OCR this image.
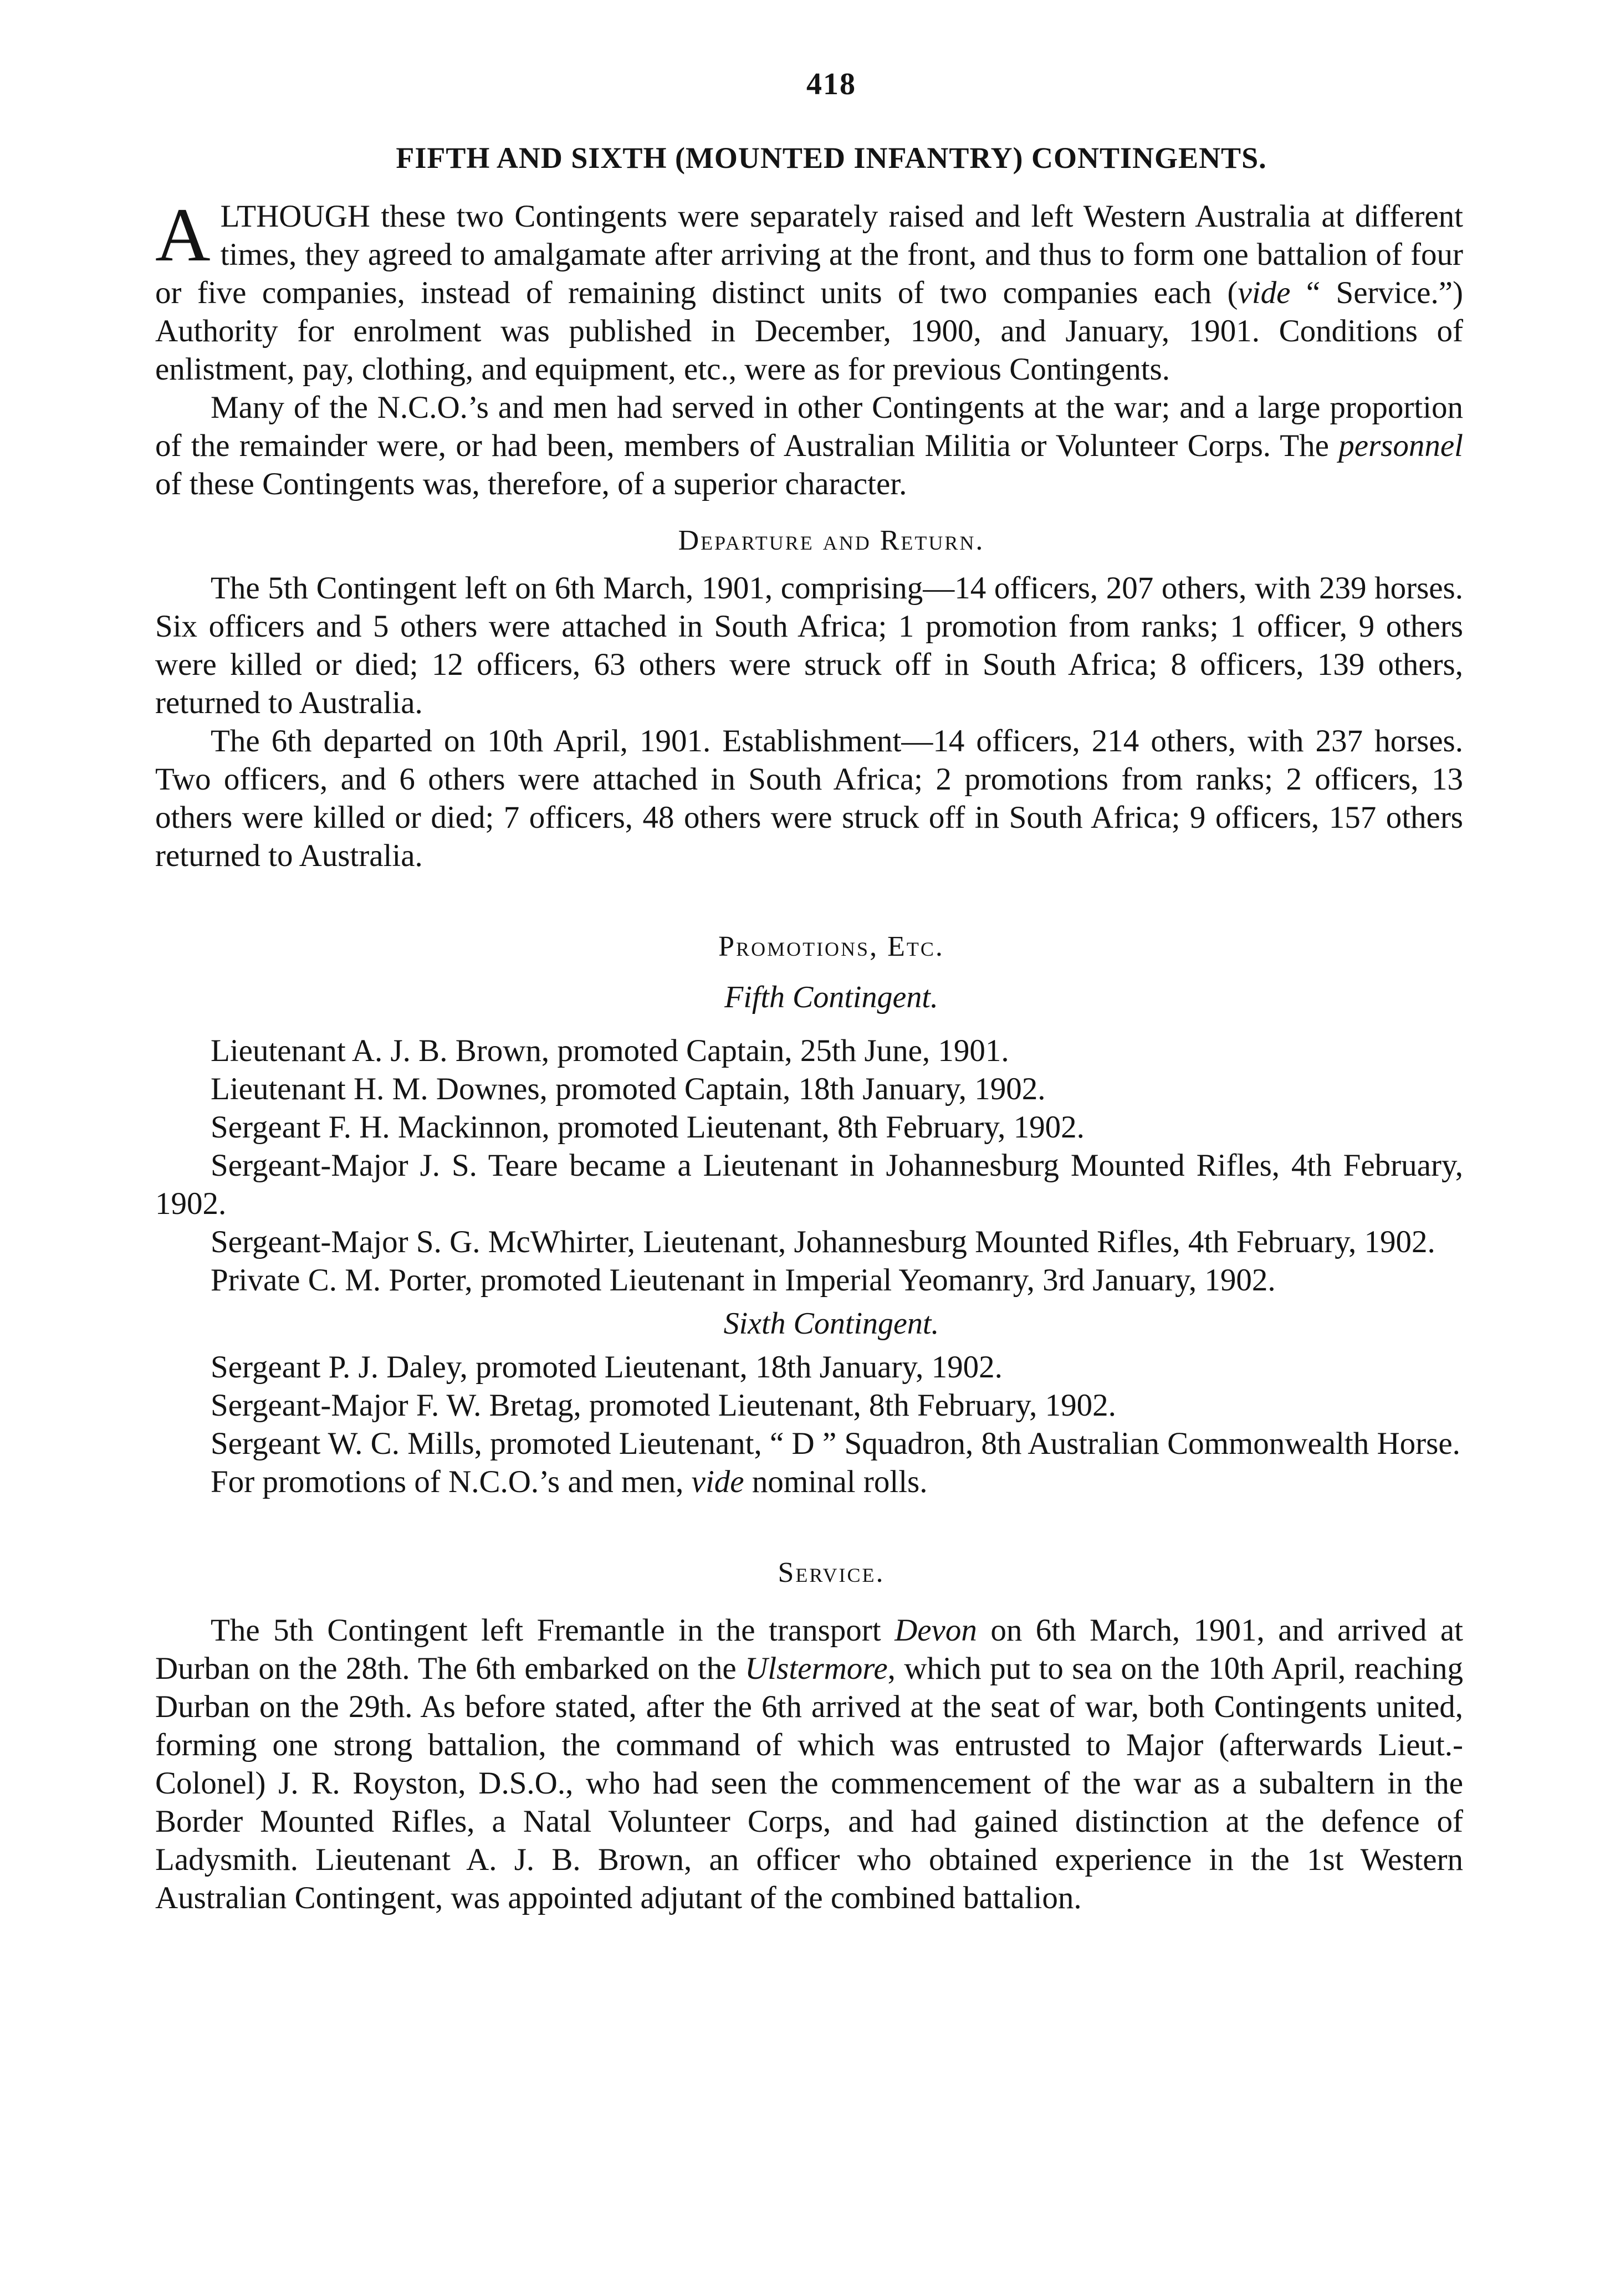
418
FIFTH AND SIXTH (MOUNTED INFANTRY) CONTINGENTS.

ALTHOUGH these two Contingents were separately raised and left Western Australia at different times, they agreed to amalgamate after arriving at the front, and thus to form one battalion of four or five companies, instead of remaining distinct units of two companies each (vide “ Service.”) Authority for enrolment was published in December, 1900, and January, 1901. Conditions of enlistment, pay, clothing, and equipment, etc., were as for previous Contingents.

Many of the N.C.O.’s and men had served in other Contingents at the war; and a large proportion of the remainder were, or had been, members of Australian Militia or Volunteer Corps. The personnel of these Contingents was, therefore, of a superior character.

Departure and Return.

The 5th Contingent left on 6th March, 1901, comprising—14 officers, 207 others, with 239 horses. Six officers and 5 others were attached in South Africa; 1 promotion from ranks; 1 officer, 9 others were killed or died; 12 officers, 63 others were struck off in South Africa; 8 officers, 139 others, returned to Australia.

The 6th departed on 10th April, 1901. Establishment—14 officers, 214 others, with 237 horses. Two officers, and 6 others were attached in South Africa; 2 promotions from ranks; 2 officers, 13 others were killed or died; 7 officers, 48 others were struck off in South Africa; 9 officers, 157 others returned to Australia.

Promotions, Etc.
Fifth Contingent.

Lieutenant A. J. B. Brown, promoted Captain, 25th June, 1901.

Lieutenant H. M. Downes, promoted Captain, 18th January, 1902.

Sergeant F. H. Mackinnon, promoted Lieutenant, 8th February, 1902.

Sergeant-Major J. S. Teare became a Lieutenant in Johannesburg Mounted Rifles, 4th February, 1902.

Sergeant-Major S. G. McWhirter, Lieutenant, Johannesburg Mounted Rifles, 4th February, 1902.

Private C. M. Porter, promoted Lieutenant in Imperial Yeomanry, 3rd January, 1902.

Sixth Contingent.

Sergeant P. J. Daley, promoted Lieutenant, 18th January, 1902.

Sergeant-Major F. W. Bretag, promoted Lieutenant, 8th February, 1902.

Sergeant W. C. Mills, promoted Lieutenant, “ D ” Squadron, 8th Australian Commonwealth Horse.

For promotions of N.C.O.’s and men, vide nominal rolls.

Service.

The 5th Contingent left Fremantle in the transport Devon on 6th March, 1901, and arrived at Durban on the 28th. The 6th embarked on the Ulstermore, which put to sea on the 10th April, reaching Durban on the 29th. As before stated, after the 6th arrived at the seat of war, both Contingents united, forming one strong battalion, the command of which was entrusted to Major (afterwards Lieut.-Colonel) J. R. Royston, D.S.O., who had seen the commencement of the war as a subaltern in the Border Mounted Rifles, a Natal Volunteer Corps, and had gained distinction at the defence of Ladysmith. Lieutenant A. J. B. Brown, an officer who obtained experience in the 1st Western Australian Contingent, was appointed adjutant of the combined battalion.
